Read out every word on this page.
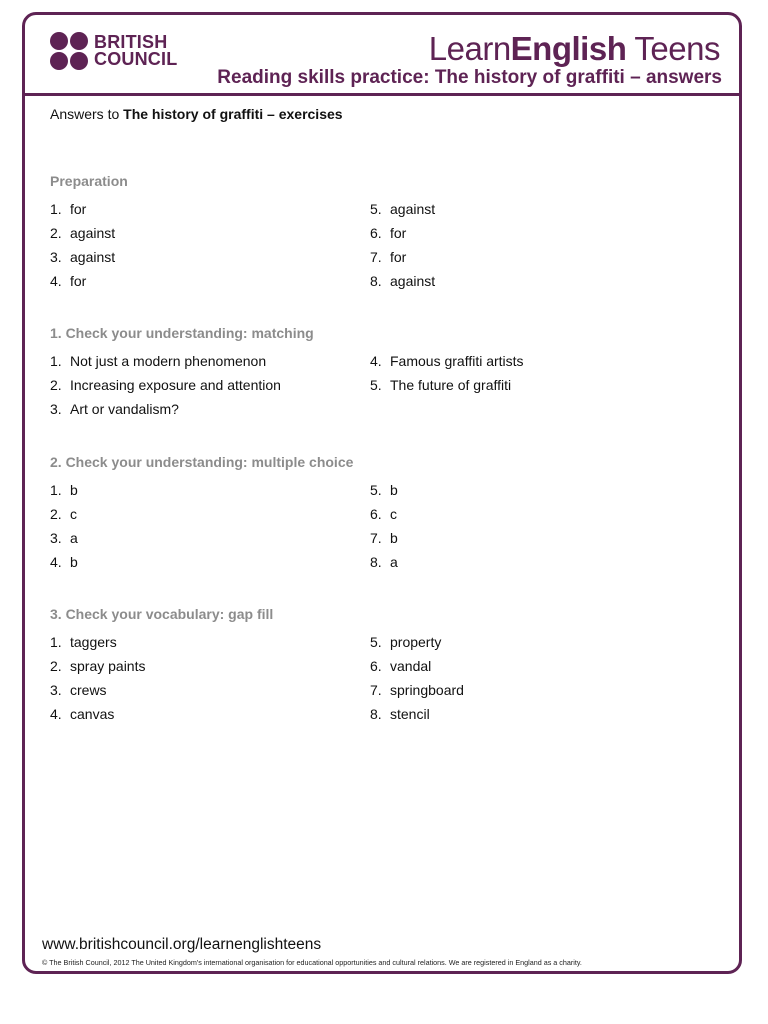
BRITISH
COUNCIL	LearnEnglish Teens
Reading skills practice: The history of graffiti – answers
Answers to The history of graffiti – exercises
Preparation
1. for
2. against
3. against
4. for
5. against
6. for
7. for
8. against
1. Check your understanding: matching
1. Not just a modern phenomenon
2. Increasing exposure and attention
3. Art or vandalism?
4. Famous graffiti artists
5. The future of graffiti
2. Check your understanding: multiple choice
1. b
2. c
3. a
4. b
5. b
6. c
7. b
8. a
3. Check your vocabulary: gap fill
1. taggers
2. spray paints
3. crews
4. canvas
5. property
6. vandal
7. springboard
8. stencil
www.britishcouncil.org/learnenglishteens
© The British Council, 2012 The United Kingdom's international organisation for educational opportunities and cultural relations. We are registered in England as a charity.
